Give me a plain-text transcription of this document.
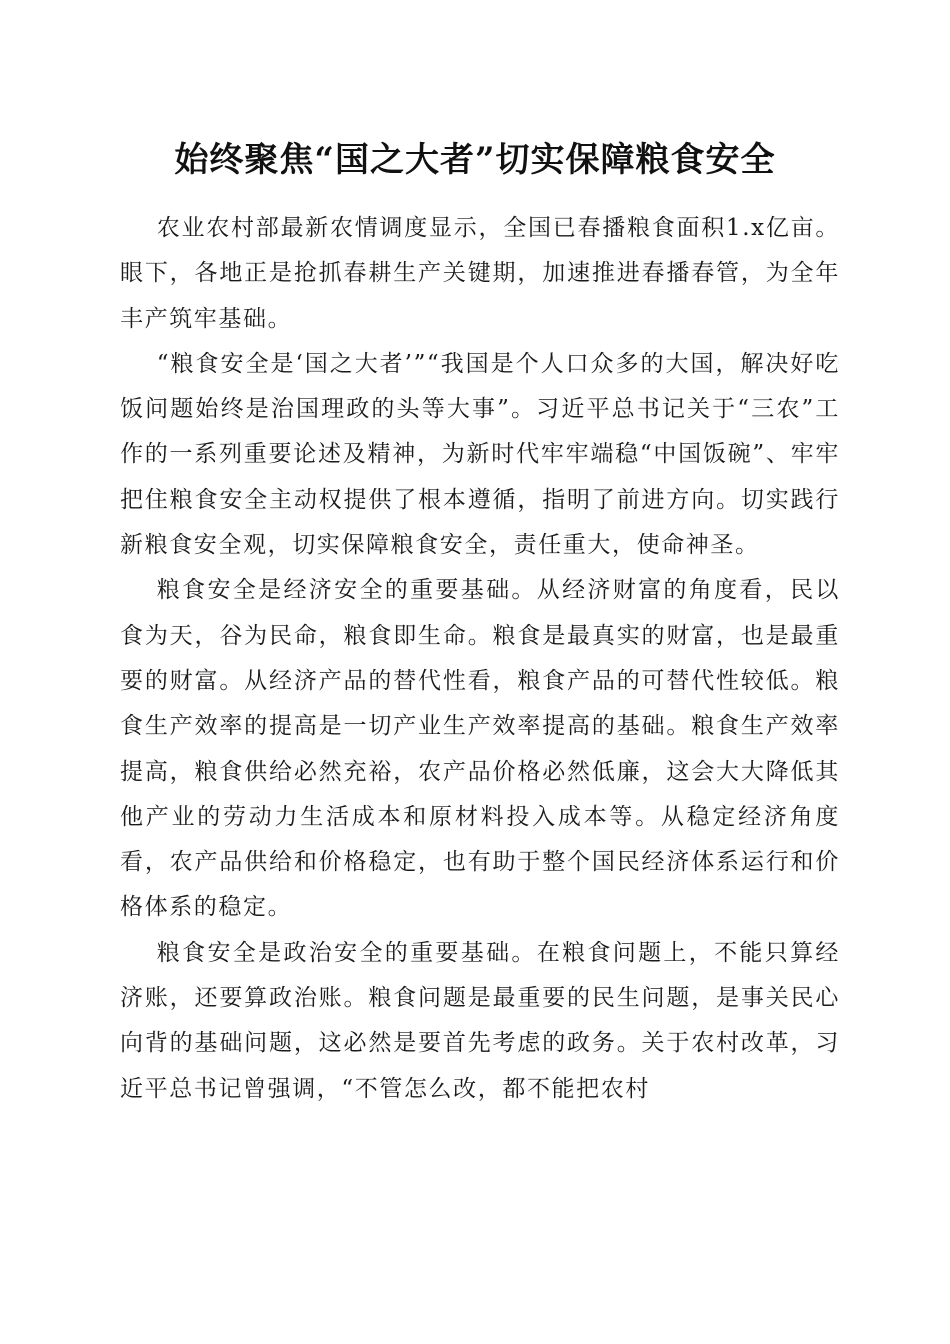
始终聚焦“国之大者”切实保障粮食安全

农业农村部最新农情调度显示，全国已春播粮食面积1.x亿亩。眼下，各地正是抢抓春耕生产关键期，加速推进春播春管，为全年丰产筑牢基础。

“粮食安全是‘国之大者’”“我国是个人口众多的大国，解决好吃饭问题始终是治国理政的头等大事”。习近平总书记关于“三农”工作的一系列重要论述及精神，为新时代牢牢端稳“中国饭碗”、牢牢把住粮食安全主动权提供了根本遵循，指明了前进方向。切实践行新粮食安全观，切实保障粮食安全，责任重大，使命神圣。

粮食安全是经济安全的重要基础。从经济财富的角度看，民以食为天，谷为民命，粮食即生命。粮食是最真实的财富，也是最重要的财富。从经济产品的替代性看，粮食产品的可替代性较低。粮食生产效率的提高是一切产业生产效率提高的基础。粮食生产效率提高，粮食供给必然充裕，农产品价格必然低廉，这会大大降低其他产业的劳动力生活成本和原材料投入成本等。从稳定经济角度看，农产品供给和价格稳定，也有助于整个国民经济体系运行和价格体系的稳定。

粮食安全是政治安全的重要基础。在粮食问题上，不能只算经济账，还要算政治账。粮食问题是最重要的民生问题，是事关民心向背的基础问题，这必然是要首先考虑的政务。关于农村改革，习近平总书记曾强调，“不管怎么改，都不能把农村
